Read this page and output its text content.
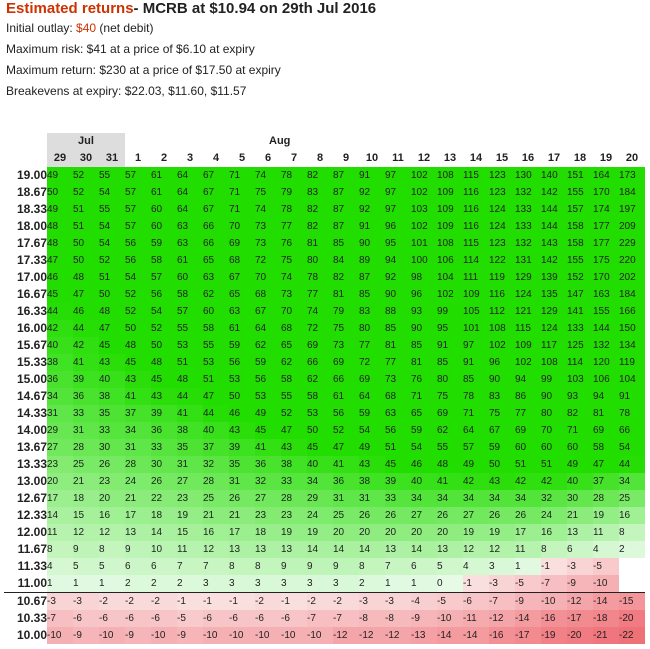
Estimated returns- MCRB at $10.94 on 29th Jul 2016
Initial outlay: $40 (net debit)
Maximum risk: $41 at a price of $6.10 at expiry
Maximum return: $230 at a price of $17.50 at expiry
Breakevens at expiry: $22.03, $11.60, $11.57
	Jul			Aug																			
	29	30	31	1	2	3	4	5	6	7	8	9	10	11	12	13	14	15	16	17	18	19	20
19.00	49	52	55	57	61	64	67	71	74	78	82	87	91	97	102	108	115	123	130	140	151	164	173
18.67	50	52	54	57	61	64	67	71	75	79	83	87	92	97	102	109	116	123	132	142	155	170	184
18.33	49	51	55	57	60	64	67	71	74	78	82	87	92	97	103	109	116	124	133	144	157	174	197
18.00	48	51	54	57	60	63	66	70	73	77	82	87	91	96	102	109	116	124	133	144	158	177	209
17.67	48	50	54	56	59	63	66	69	73	76	81	85	90	95	101	108	115	123	132	143	158	177	229
17.33	47	50	52	56	58	61	65	68	72	75	80	84	89	94	100	106	114	122	131	142	155	175	220
17.00	46	48	51	54	57	60	63	67	70	74	78	82	87	92	98	104	111	119	129	139	152	170	202
16.67	45	47	50	52	56	58	62	65	68	73	77	81	85	90	96	102	109	116	124	135	147	163	184
16.33	44	46	48	52	54	57	60	63	67	70	74	79	83	88	93	99	105	112	121	129	141	155	166
16.00	42	44	47	50	52	55	58	61	64	68	72	75	80	85	90	95	101	108	115	124	133	144	150
15.67	40	42	45	48	50	53	55	59	62	65	69	73	77	81	85	91	97	102	109	117	125	132	134
15.33	38	41	43	45	48	51	53	56	59	62	66	69	72	77	81	85	91	96	102	108	114	120	119
15.00	36	39	40	43	45	48	51	53	56	58	62	66	69	73	76	80	85	90	94	99	103	106	104
14.67	34	36	38	41	43	44	47	50	53	55	58	61	64	68	71	75	78	83	86	90	93	94	91
14.33	31	33	35	37	39	41	44	46	49	52	53	56	59	63	65	69	71	75	77	80	82	81	78
14.00	29	31	33	34	36	38	40	43	45	47	50	52	54	56	59	62	64	67	69	70	71	69	66
13.67	27	28	30	31	33	35	37	39	41	43	45	47	49	51	54	55	57	59	60	60	60	58	54
13.33	23	25	26	28	30	31	32	35	36	38	40	41	43	45	46	48	49	50	51	51	49	47	44
13.00	20	21	23	24	26	27	28	31	32	33	34	36	38	39	40	41	42	43	42	42	40	37	34
12.67	17	18	20	21	22	23	25	26	27	28	29	31	31	33	34	34	34	34	34	32	30	28	25
12.33	14	15	16	17	18	19	21	21	23	23	24	25	26	26	27	26	27	26	26	24	21	19	16
12.00	11	12	12	13	14	15	16	17	18	19	19	20	20	20	20	20	19	19	17	16	13	11	8
11.67	8	9	8	9	10	11	12	13	13	13	14	14	14	13	14	13	12	12	11	8	6	4	2
11.33	4	5	5	6	6	7	7	8	8	9	9	9	8	7	6	5	4	3	1	-1	-3	-5	
11.00	1	1	1	2	2	2	3	3	3	3	3	3	2	1	1	0	-1	-3	-5	-7	-9	-10	
10.67	-3	-3	-2	-2	-2	-1	-1	-1	-2	-1	-2	-2	-3	-3	-4	-5	-6	-7	-9	-10	-12	-14	-15
10.33	-7	-6	-6	-6	-6	-5	-6	-6	-6	-6	-7	-7	-8	-8	-9	-10	-11	-12	-14	-16	-17	-18	-20
10.00	-10	-9	-10	-9	-10	-9	-10	-10	-10	-10	-10	-12	-12	-12	-13	-14	-14	-16	-17	-19	-20	-21	-22
